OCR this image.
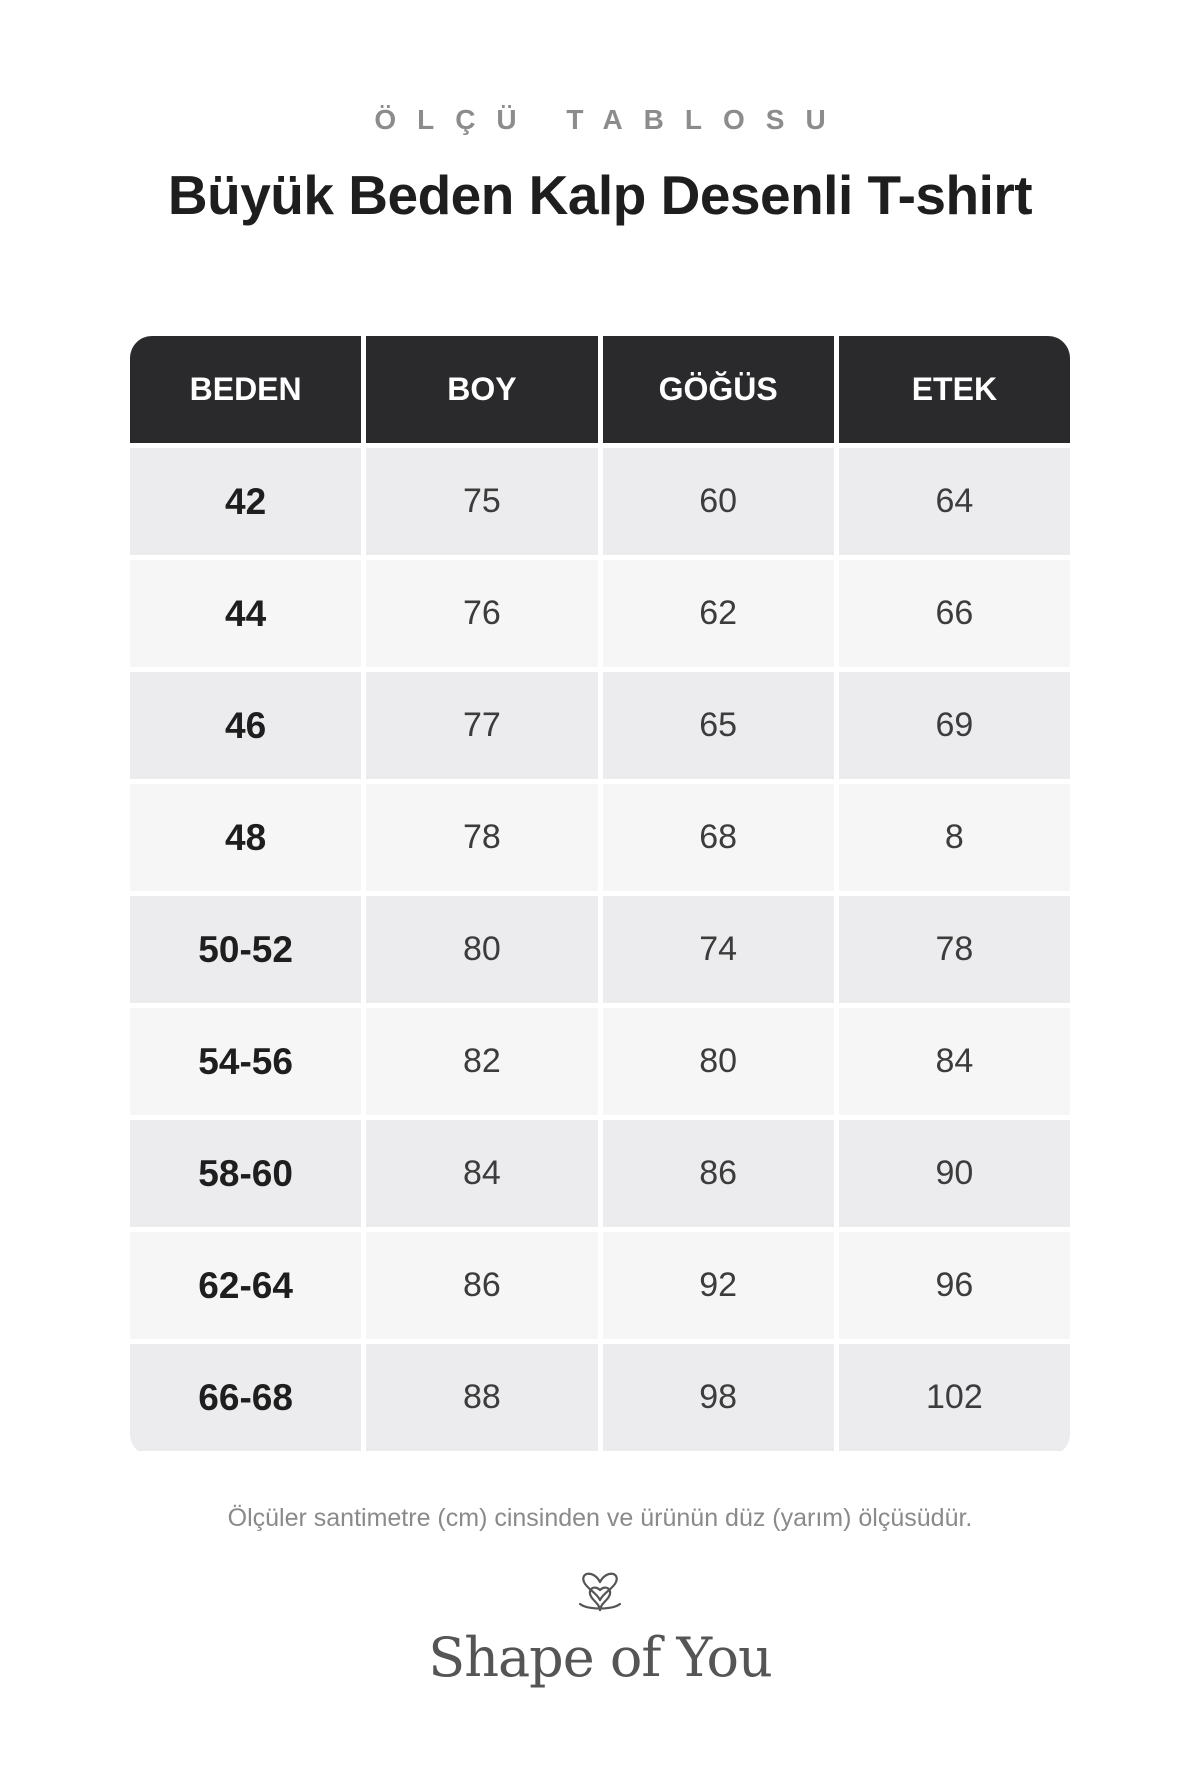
ÖLÇÜ TABLOSU
Büyük Beden Kalp Desenli T-shirt
BEDEN	BOY	GÖĞÜS	ETEK
42	75	60	64
44	76	62	66
46	77	65	69
48	78	68	8
50-52	80	74	78
54-56	82	80	84
58-60	84	86	90
62-64	86	92	96
66-68	88	98	102
Ölçüler santimetre (cm) cinsinden ve ürünün düz (yarım) ölçüsüdür.
Shape of You
